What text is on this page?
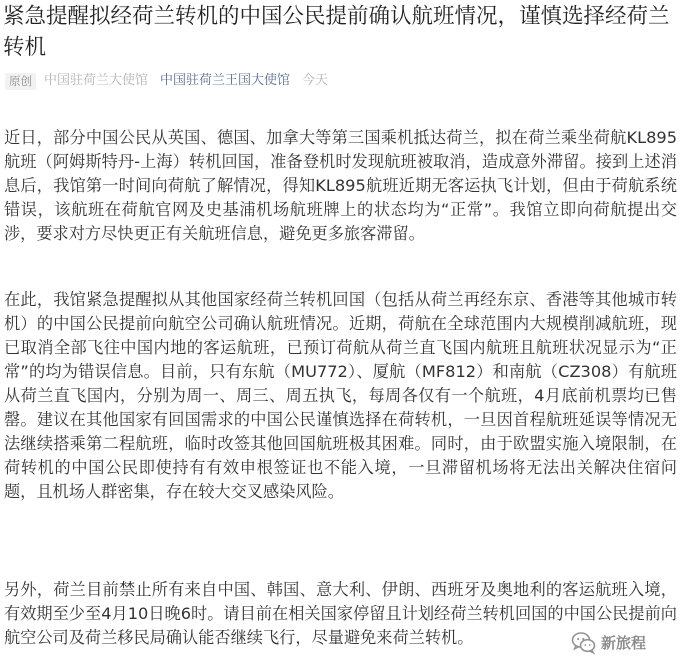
紧急提醒拟经荷兰转机的中国公民提前确认航班情况，谨慎选择经荷兰转机
原创 中国驻荷兰大使馆 中国驻荷兰王国大使馆 今天

近日，部分中国公民从英国、德国、加拿大等第三国乘机抵达荷兰，拟在荷兰乘坐荷航KL895航班（阿姆斯特丹-上海）转机回国，准备登机时发现航班被取消，造成意外滞留。接到上述消息后，我馆第一时间向荷航了解情况，得知KL895航班近期无客运执飞计划，但由于荷航系统错误，该航班在荷航官网及史基浦机场航班牌上的状态均为“正常”。我馆立即向荷航提出交涉，要求对方尽快更正有关航班信息，避免更多旅客滞留。

在此，我馆紧急提醒拟从其他国家经荷兰转机回国（包括从荷兰再经东京、香港等其他城市转机）的中国公民提前向航空公司确认航班情况。近期，荷航在全球范围内大规模削减航班，现已取消全部飞往中国内地的客运航班，已预订荷航从荷兰直飞国内航班且航班状况显示为“正常”的均为错误信息。目前，只有东航（MU772）、厦航（MF812）和南航（CZ308）有航班从荷兰直飞国内，分别为周一、周三、周五执飞，每周各仅有一个航班，4月底前机票均已售罄。建议在其他国家有回国需求的中国公民谨慎选择在荷转机，一旦因首程航班延误等情况无法继续搭乘第二程航班，临时改签其他回国航班极其困难。同时，由于欧盟实施入境限制，在荷转机的中国公民即使持有有效申根签证也不能入境，一旦滞留机场将无法出关解决住宿问题，且机场人群密集，存在较大交叉感染风险。

另外，荷兰目前禁止所有来自中国、韩国、意大利、伊朗、西班牙及奥地利的客运航班入境，有效期至少至4月10日晚6时。请目前在相关国家停留且计划经荷兰转机回国的中国公民提前向航空公司及荷兰移民局确认能否继续飞行，尽量避免来荷兰转机。	新旅程
